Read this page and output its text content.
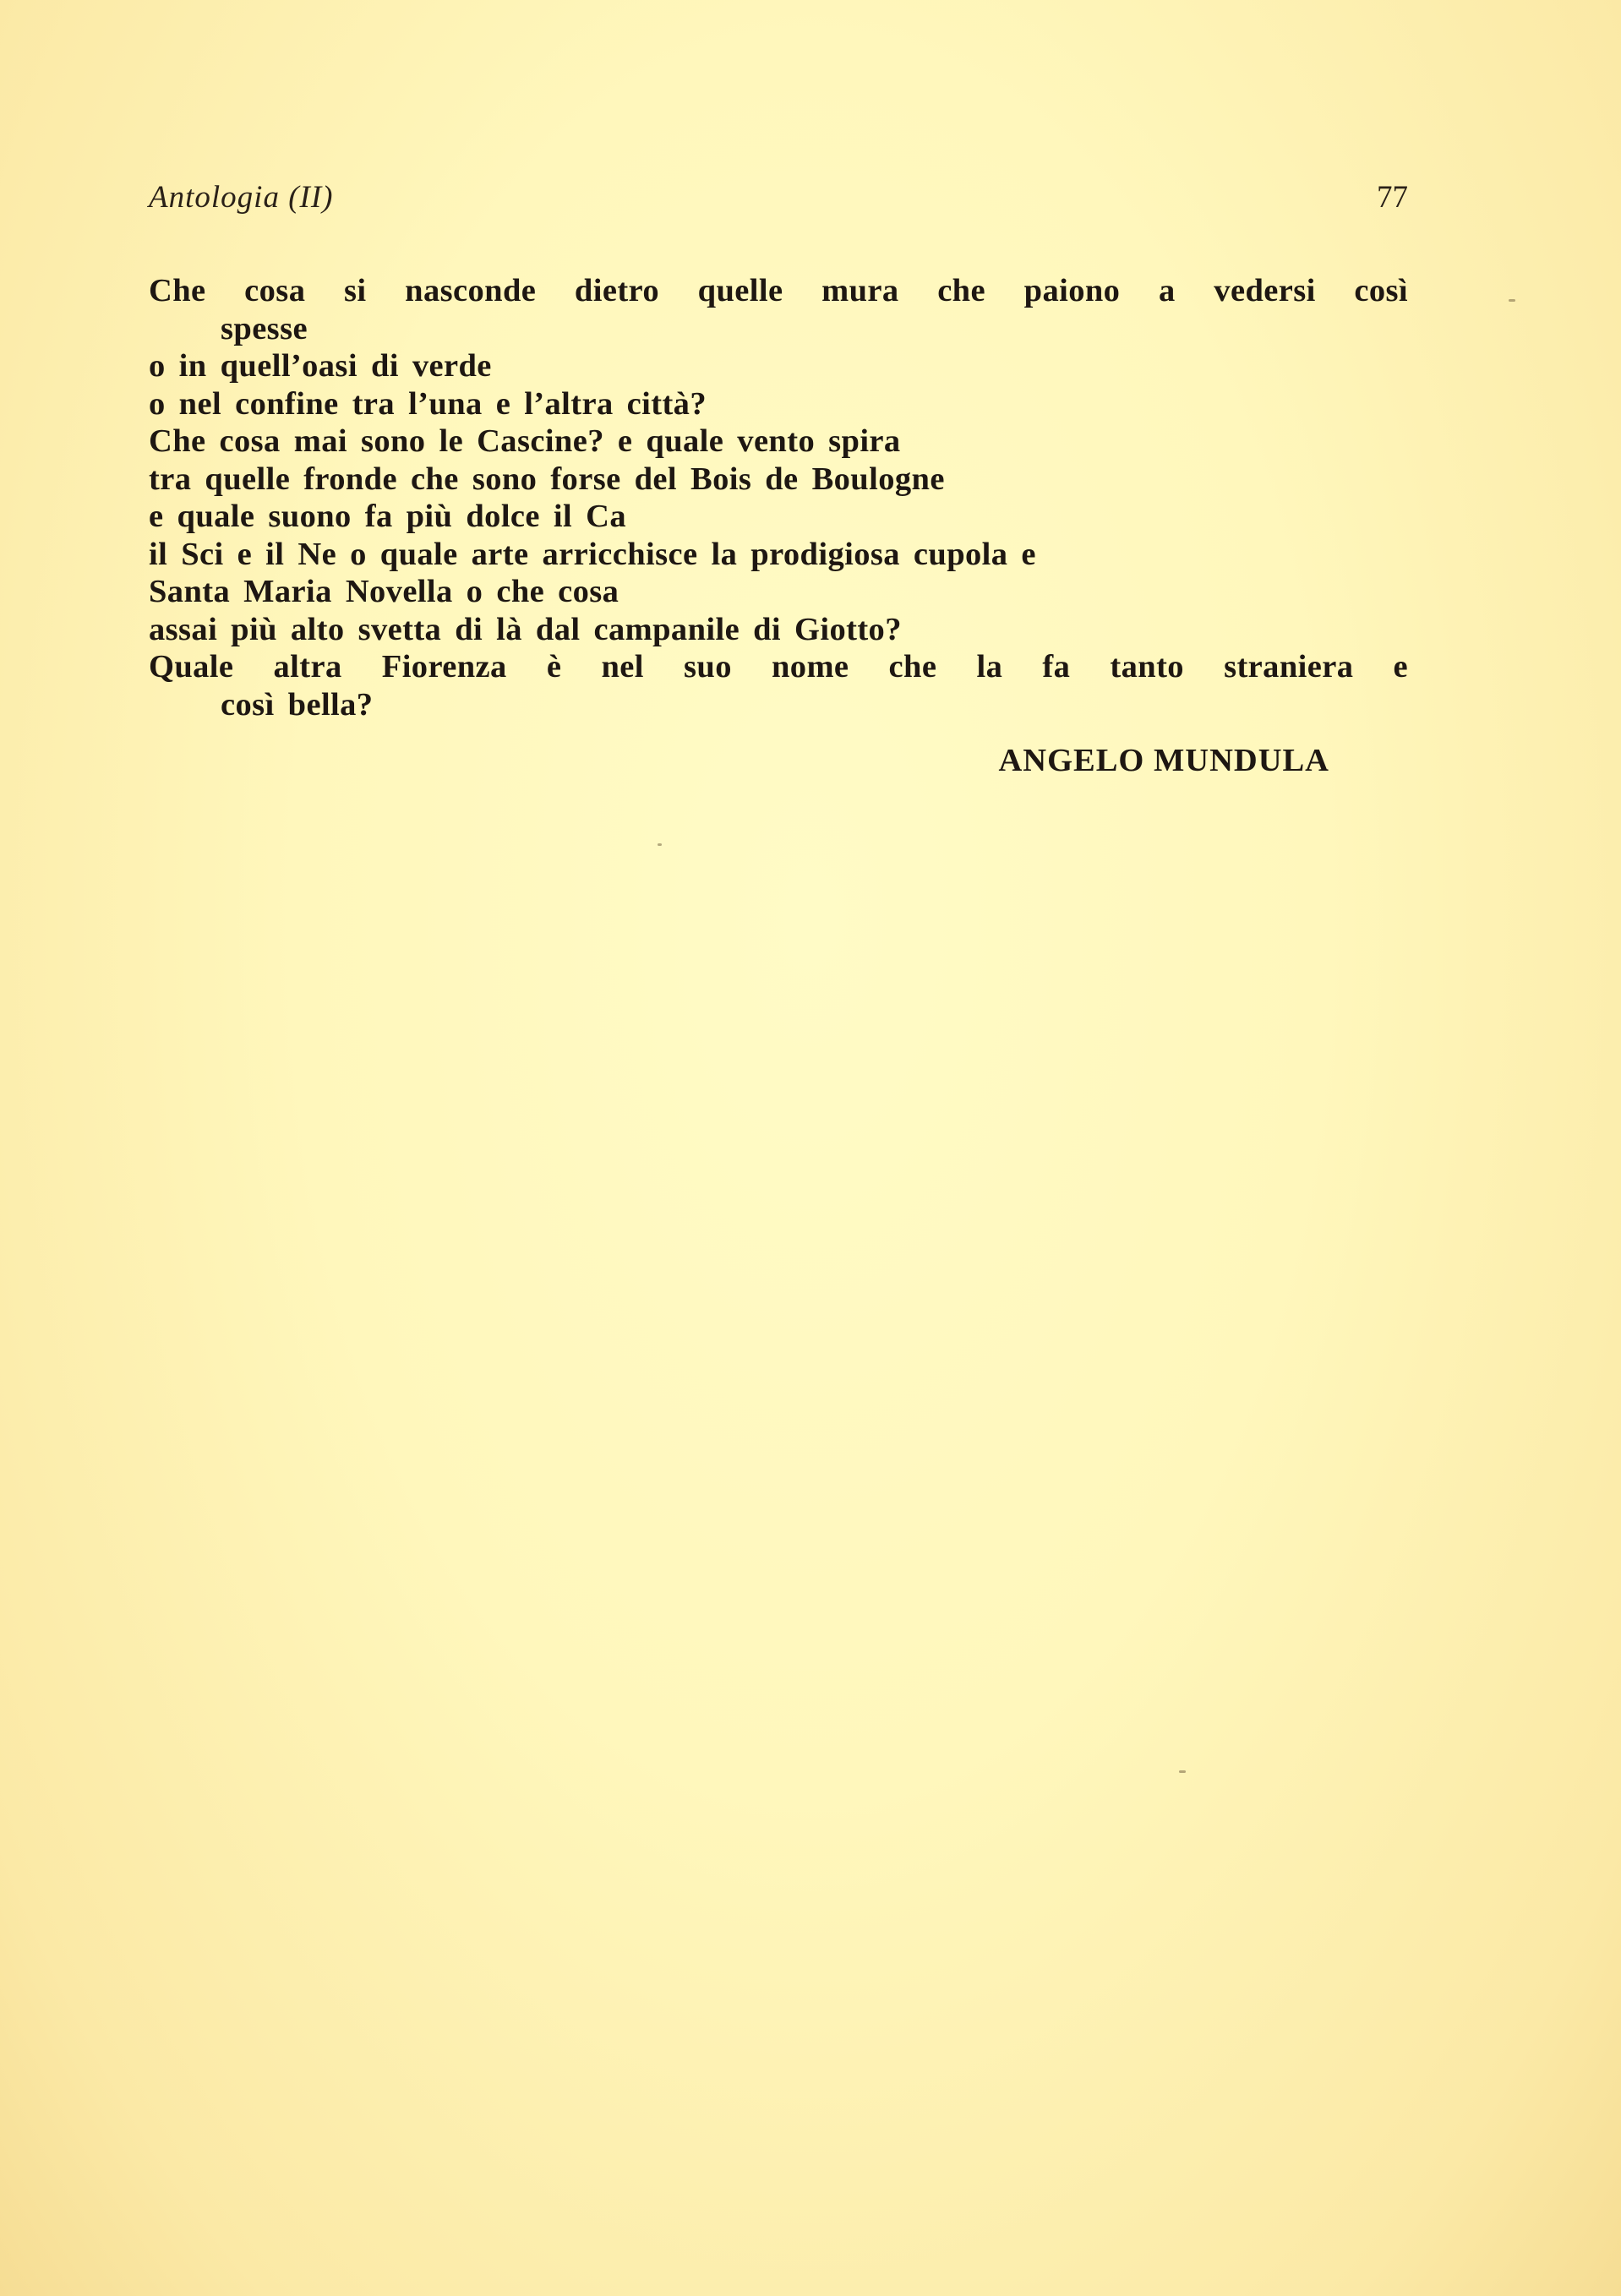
Antologia (II)	77
Che cosa si nasconde dietro quelle mura che paiono a vedersi così
spesse
o in quell’oasi di verde
o nel confine tra l’una e l’altra città?
Che cosa mai sono le Cascine? e quale vento spira
tra quelle fronde che sono forse del Bois de Boulogne
e quale suono fa più dolce il Ca
il Sci e il Ne o quale arte arricchisce la prodigiosa cupola e
Santa Maria Novella o che cosa
assai più alto svetta di là dal campanile di Giotto?
Quale altra Fiorenza è nel suo nome che la fa tanto straniera e
così bella?
ANGELO MUNDULA
